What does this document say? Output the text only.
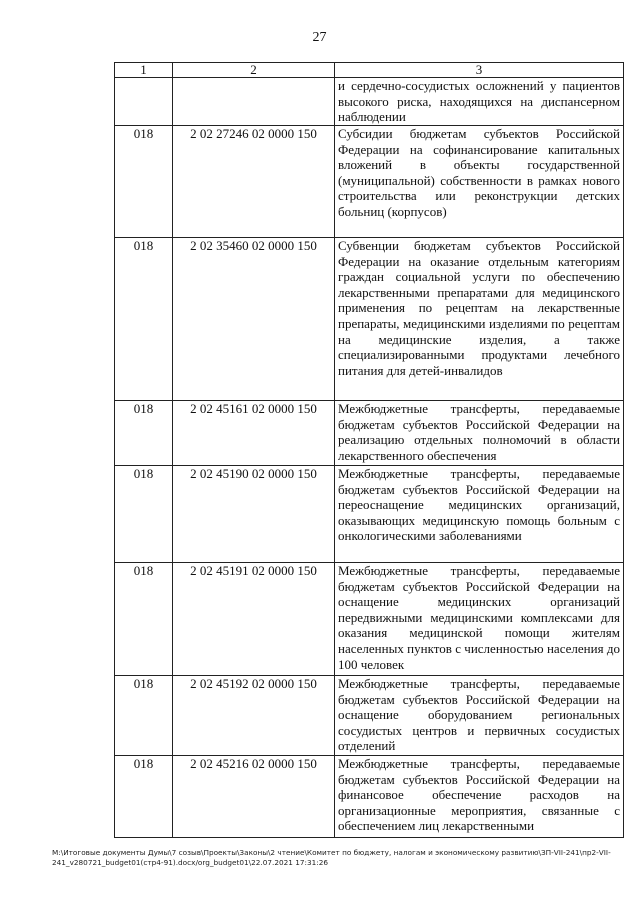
27
1	2	3
		и сердечно-сосудистых осложнений у пациентов высокого риска, находящихся на диспансерном наблюдении
018	2 02 27246 02 0000 150	Субсидии бюджетам субъектов Российской Федерации на софинансирование капитальных вложений в объекты государственной (муниципальной) собственности в рамках нового строительства или реконструкции детских больниц (корпусов)
018	2 02 35460 02 0000 150	Субвенции бюджетам субъектов Российской Федерации на оказание отдельным категориям граждан социальной услуги по обеспечению лекарственными препаратами для медицинского применения по рецептам на лекарственные препараты, медицинскими изделиями по рецептам на медицинские изделия, а также специализированными продуктами лечебного питания для детей-инвалидов
018	2 02 45161 02 0000 150	Межбюджетные трансферты, передаваемые бюджетам субъектов Российской Федерации на реализацию отдельных полномочий в области лекарственного обеспечения
018	2 02 45190 02 0000 150	Межбюджетные трансферты, передаваемые бюджетам субъектов Российской Федерации на переоснащение медицинских организаций, оказывающих медицинскую помощь больным с онкологическими заболеваниями
018	2 02 45191 02 0000 150	Межбюджетные трансферты, передаваемые бюджетам субъектов Российской Федерации на оснащение медицинских организаций передвижными медицинскими комплексами для оказания медицинской помощи жителям населенных пунктов с численностью населения до 100 человек
018	2 02 45192 02 0000 150	Межбюджетные трансферты, передаваемые бюджетам субъектов Российской Федерации на оснащение оборудованием региональных сосудистых центров и первичных сосудистых отделений
018	2 02 45216 02 0000 150	Межбюджетные трансферты, передаваемые бюджетам субъектов Российской Федерации на финансовое обеспечение расходов на организационные мероприятия, связанные с обеспечением лиц лекарственными
M:\Итоговые документы Думы\7 созыв\Проекты\Законы\2 чтение\Комитет по бюджету, налогам и экономическому развитию\ЗП-VII-241\пр2-VII-241_v280721_budget01(стр4-91).docx/org_budget01\22.07.2021 17:31:26
